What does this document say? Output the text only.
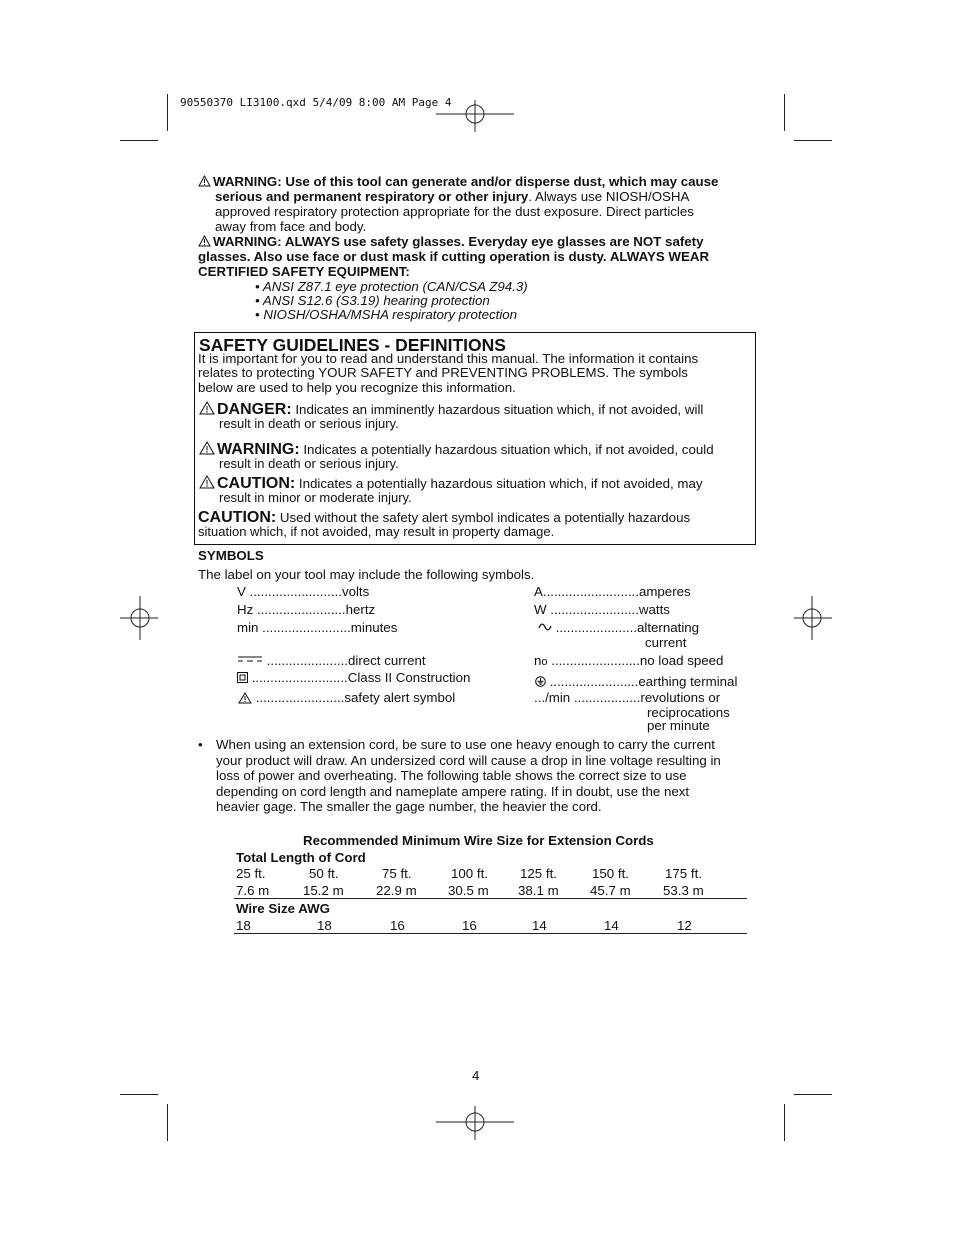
90550370 LI3100.qxd 5/4/09 8:00 AM Page 4
WARNING: Use of this tool can generate and/or disperse dust, which may cause
serious and permanent respiratory or other injury. Always use NIOSH/OSHA
approved respiratory protection appropriate for the dust exposure. Direct particles
away from face and body.
WARNING: ALWAYS use safety glasses. Everyday eye glasses are NOT safety
glasses. Also use face or dust mask if cutting operation is dusty. ALWAYS WEAR
CERTIFIED SAFETY EQUIPMENT:
• ANSI Z87.1 eye protection (CAN/CSA Z94.3)
• ANSI S12.6 (S3.19) hearing protection
• NIOSH/OSHA/MSHA respiratory protection
SAFETY GUIDELINES - DEFINITIONS
It is important for you to read and understand this manual. The information it contains
relates to protecting YOUR SAFETY and PREVENTING PROBLEMS. The symbols
below are used to help you recognize this information.
DANGER: Indicates an imminently hazardous situation which, if not avoided, will
result in death or serious injury.
WARNING: Indicates a potentially hazardous situation which, if not avoided, could
result in death or serious injury.
CAUTION: Indicates a potentially hazardous situation which, if not avoided, may
result in minor or moderate injury.
CAUTION: Used without the safety alert symbol indicates a potentially hazardous
situation which, if not avoided, may result in property damage.
SYMBOLS
The label on your tool may include the following symbols.
V .........................volts
Hz ........................hertz
min ........................minutes
......................direct current
..........................Class II Construction
........................safety alert symbol
A..........................amperes
W ........................watts
......................alternating
current
no ........................no load speed
........................earthing terminal
.../min ..................revolutions or
reciprocations
per minute
• When using an extension cord, be sure to use one heavy enough to carry the current
your product will draw. An undersized cord will cause a drop in line voltage resulting in
loss of power and overheating. The following table shows the correct size to use
depending on cord length and nameplate ampere rating. If in doubt, use the next
heavier gage. The smaller the gage number, the heavier the cord.
Recommended Minimum Wire Size for Extension Cords
Total Length of Cord
25 ft.	50 ft.	75 ft.	100 ft. 125 ft.	150 ft.	175 ft.
7.6 m	15.2 m 22.9 m 30.5 m 38.1 m 45.7 m 53.3 m
Wire Size AWG
18	18	16	16	14	14	12
4
